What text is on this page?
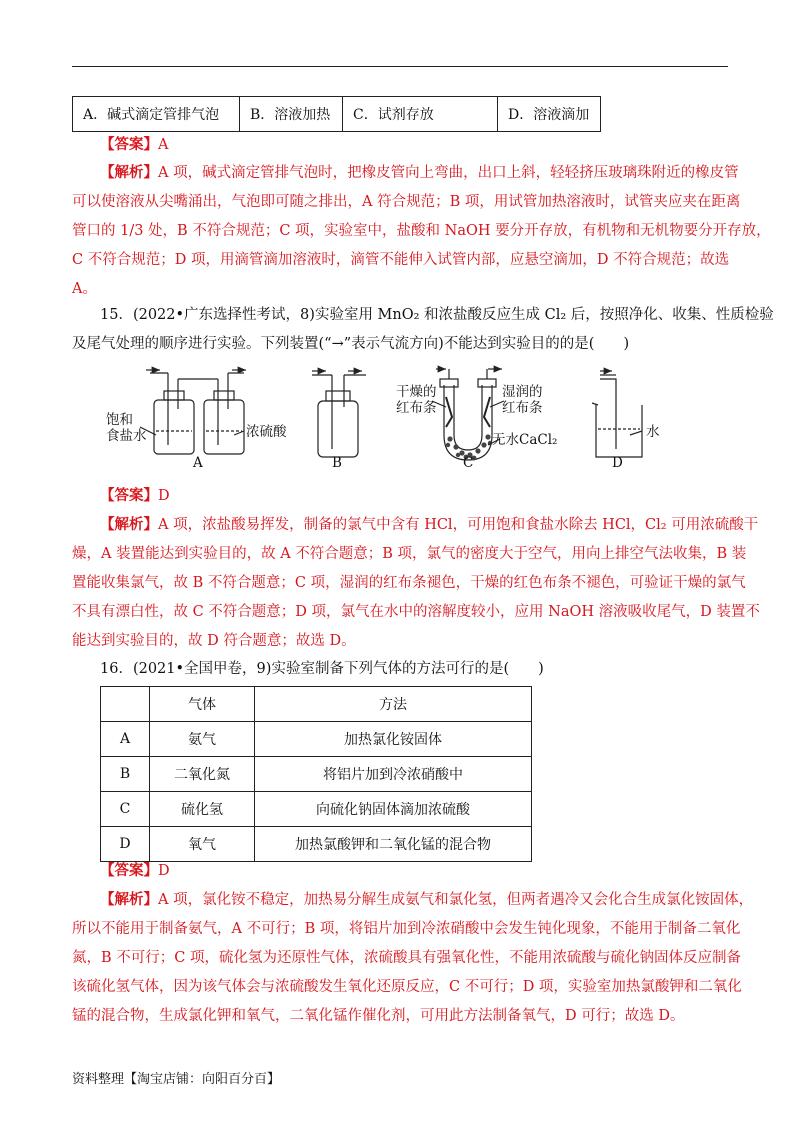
A．碱式滴定管排气泡	B．溶液加热	C．试剂存放	D．溶液滴加
【答案】A
【解析】A 项，碱式滴定管排气泡时，把橡皮管向上弯曲，出口上斜，轻轻挤压玻璃珠附近的橡皮管
可以使溶液从尖嘴涌出，气泡即可随之排出，A 符合规范；B 项，用试管加热溶液时，试管夹应夹在距离
管口的 1/3 处，B 不符合规范；C 项，实验室中，盐酸和 NaOH 要分开存放，有机物和无机物要分开存放，
C 不符合规范；D 项，用滴管滴加溶液时，滴管不能伸入试管内部，应悬空滴加，D 不符合规范；故选
A。
15．(2022•广东选择性考试，8)实验室用 MnO₂ 和浓盐酸反应生成 Cl₂ 后，按照净化、收集、性质检验
及尾气处理的顺序进行实验。下列装置(“→”表示气流方向)不能达到实验目的的是(　　)
饱和
食盐水	浓硫酸
干燥的
红布条
湿润的
红布条
无水CaCl₂	水
A	B	C	D
【答案】D
【解析】A 项，浓盐酸易挥发，制备的氯气中含有 HCl，可用饱和食盐水除去 HCl，Cl₂ 可用浓硫酸干
燥，A 装置能达到实验目的，故 A 不符合题意；B 项，氯气的密度大于空气，用向上排空气法收集，B 装
置能收集氯气，故 B 不符合题意；C 项，湿润的红布条褪色，干燥的红色布条不褪色，可验证干燥的氯气
不具有漂白性，故 C 不符合题意；D 项，氯气在水中的溶解度较小，应用 NaOH 溶液吸收尾气，D 装置不
能达到实验目的，故 D 符合题意；故选 D。
16．(2021•全国甲卷，9)实验室制备下列气体的方法可行的是(　　)
	气体	方法
A	氨气	加热氯化铵固体
B	二氧化氮	将铝片加到冷浓硝酸中
C	硫化氢	向硫化钠固体滴加浓硫酸
D	氧气	加热氯酸钾和二氧化锰的混合物
【答案】D
【解析】A 项，氯化铵不稳定，加热易分解生成氨气和氯化氢，但两者遇冷又会化合生成氯化铵固体，
所以不能用于制备氨气，A 不可行；B 项，将铝片加到冷浓硝酸中会发生钝化现象，不能用于制备二氧化
氮，B 不可行；C 项，硫化氢为还原性气体，浓硫酸具有强氧化性，不能用浓硫酸与硫化钠固体反应制备
该硫化氢气体，因为该气体会与浓硫酸发生氧化还原反应，C 不可行；D 项，实验室加热氯酸钾和二氧化
锰的混合物，生成氯化钾和氧气，二氧化锰作催化剂，可用此方法制备氧气，D 可行；故选 D。
资料整理【淘宝店铺：向阳百分百】
